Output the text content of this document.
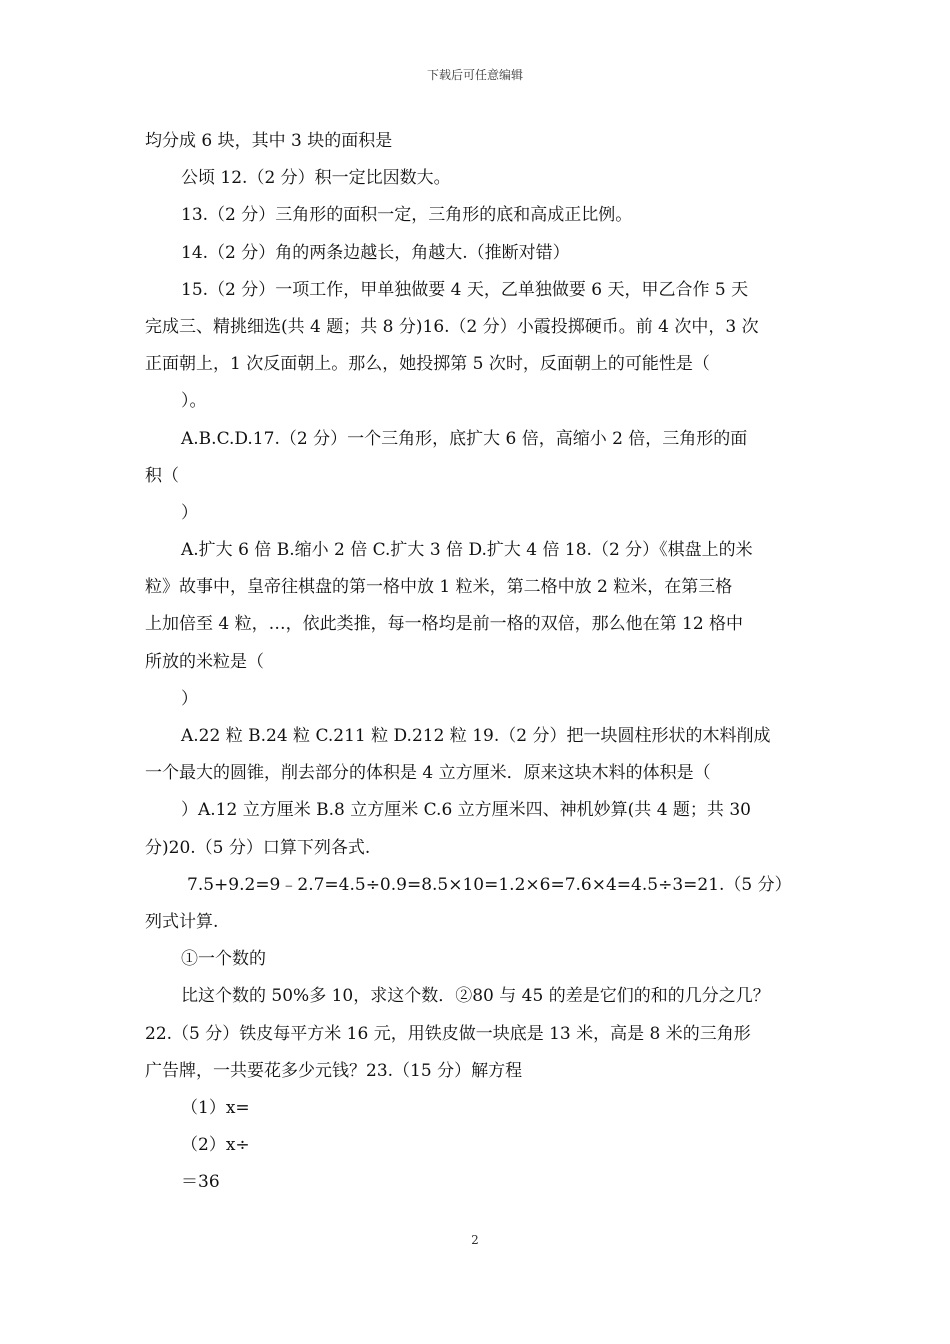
下载后可任意编辑
均分成 6 块，其中 3 块的面积是
公顷 12.（2 分）积一定比因数大。
13.（2 分）三角形的面积一定，三角形的底和高成正比例。
14.（2 分）角的两条边越长，角越大.（推断对错）
15.（2 分）一项工作，甲单独做要 4 天，乙单独做要 6 天，甲乙合作 5 天
完成三、精挑细选(共 4 题；共 8 分)16.（2 分）小霞投掷硬币。前 4 次中，3 次
正面朝上，1 次反面朝上。那么，她投掷第 5 次时，反面朝上的可能性是（
）。
A.B.C.D.17.（2 分）一个三角形，底扩大 6 倍，高缩小 2 倍，三角形的面
积（
）
A.扩大 6 倍 B.缩小 2 倍 C.扩大 3 倍 D.扩大 4 倍 18.（2 分）《棋盘上的米
粒》故事中，皇帝往棋盘的第一格中放 1 粒米，第二格中放 2 粒米，在第三格
上加倍至 4 粒，…，依此类推，每一格均是前一格的双倍，那么他在第 12 格中
所放的米粒是（
）
A.22 粒 B.24 粒 C.211 粒 D.212 粒 19.（2 分）把一块圆柱形状的木料削成
一个最大的圆锥，削去部分的体积是 4 立方厘米．原来这块木料的体积是（
）A.12 立方厘米 B.8 立方厘米 C.6 立方厘米四、神机妙算(共 4 题；共 30
分)20.（5 分）口算下列各式.
7.5+9.2=9﹣2.7=4.5÷0.9=8.5×10=1.2×6=7.6×4=4.5÷3=21.（5 分）
列式计算.
①一个数的
比这个数的 50%多 10，求这个数．②80 与 45 的差是它们的和的几分之几？
22.（5 分）铁皮每平方米 16 元，用铁皮做一块底是 13 米，高是 8 米的三角形
广告牌，一共要花多少元钱？23.（15 分）解方程
（1）x=
（2）x÷
＝36
2
